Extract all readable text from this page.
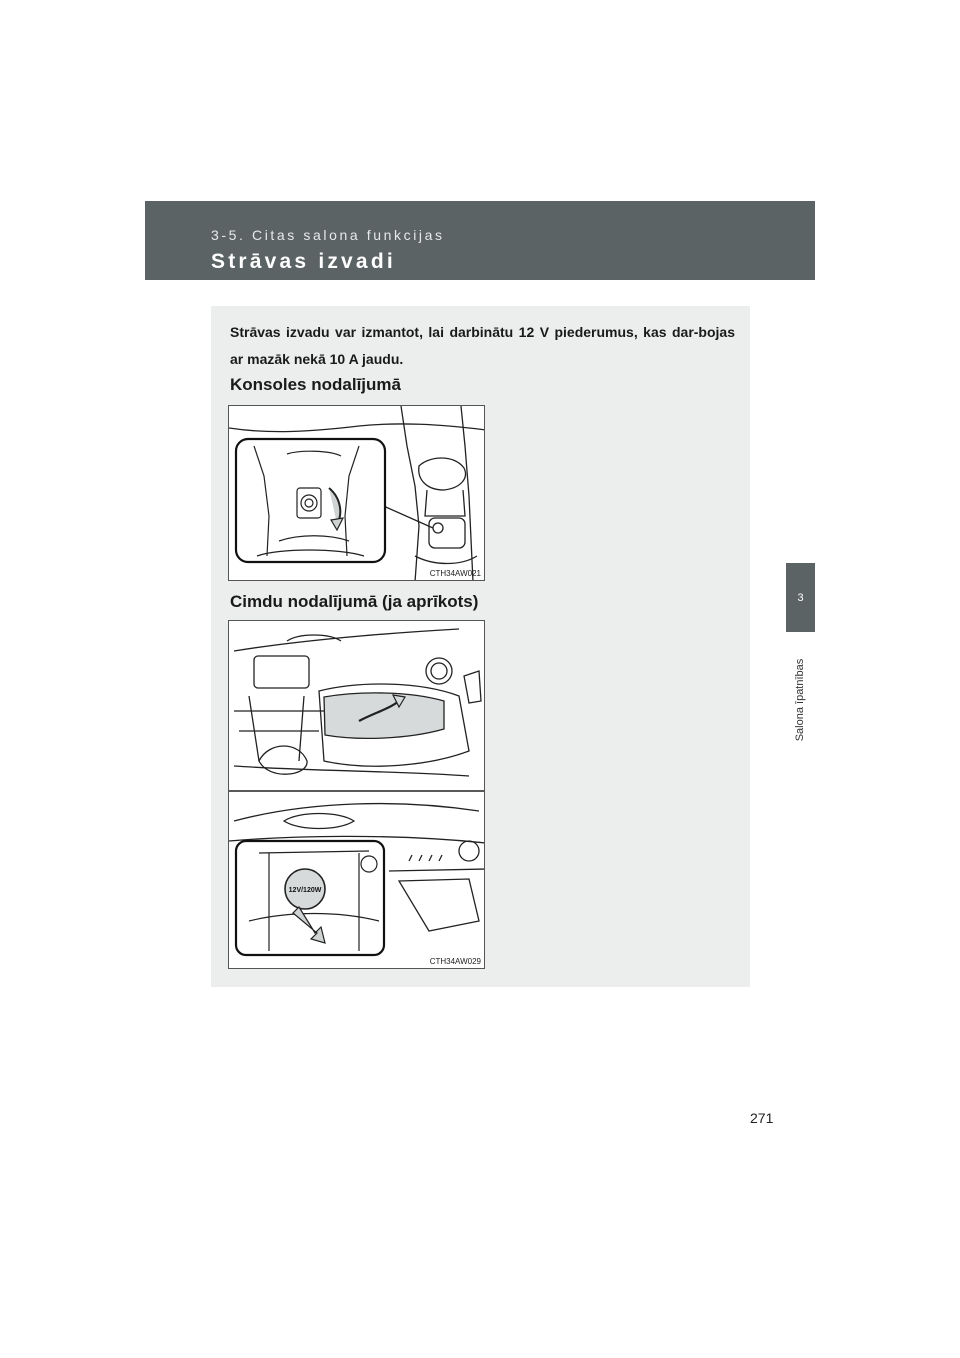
3-5. Citas salona funkcijas
Strāvas izvadi
Strāvas izvadu var izmantot, lai darbinātu 12 V piederumus, kas dar-bojas ar mazāk nekā 10 A jaudu.
Konsoles nodalījumā
CTH34AW021
Cimdu nodalījumā (ja aprīkots)
12V/120W
CTH34AW029
3
Salona īpatnības
271
